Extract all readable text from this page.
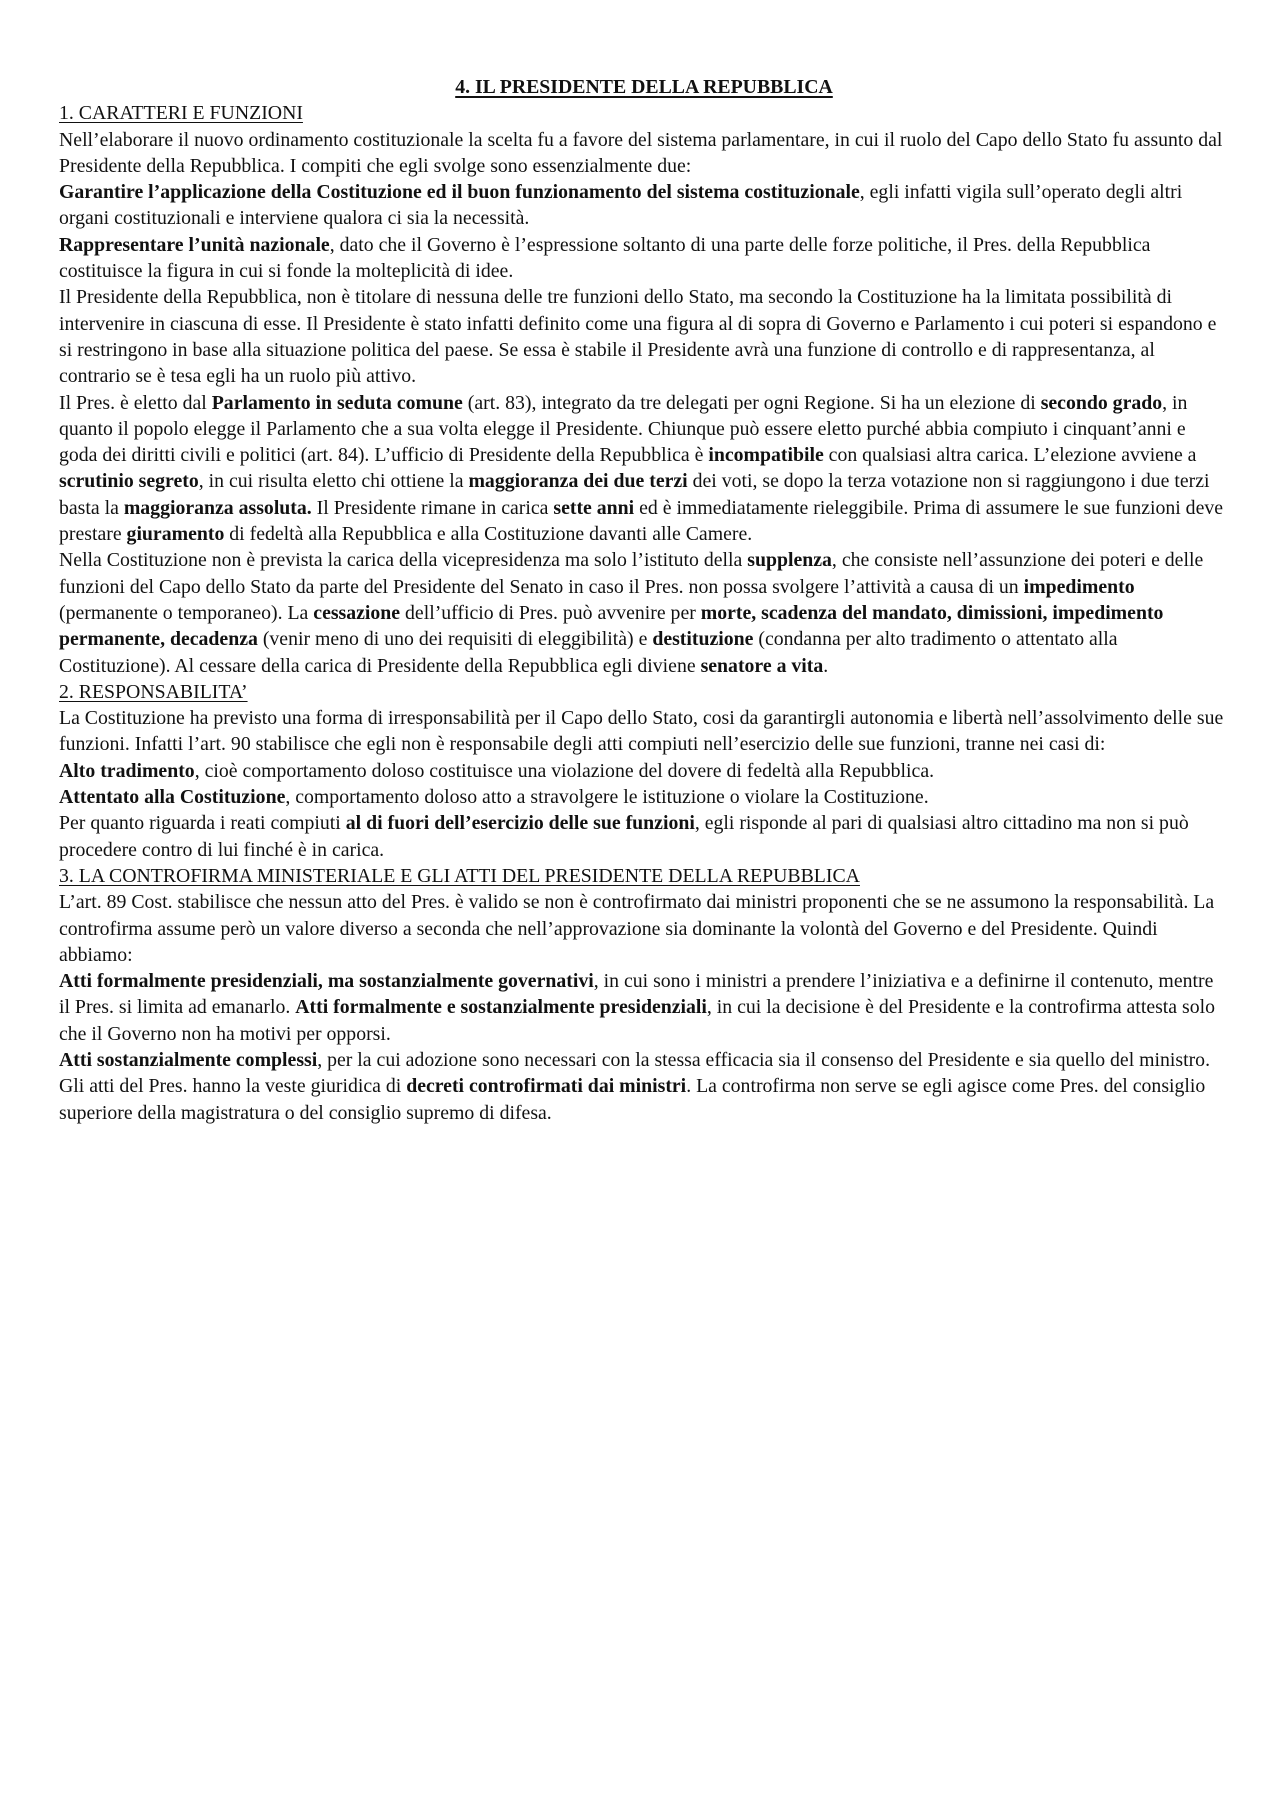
4. IL PRESIDENTE DELLA REPUBBLICA
1. CARATTERI E FUNZIONI

Nell’elaborare il nuovo ordinamento costituzionale la scelta fu a favore del sistema parlamentare, in cui il ruolo del Capo dello Stato fu assunto dal Presidente della Repubblica. I compiti che egli svolge sono essenzialmente due:

Garantire l’applicazione della Costituzione ed il buon funzionamento del sistema costituzionale, egli infatti vigila sull’operato degli altri organi costituzionali e interviene qualora ci sia la necessità.

Rappresentare l’unità nazionale, dato che il Governo è l’espressione soltanto di una parte delle forze politiche, il Pres. della Repubblica costituisce la figura in cui si fonde la molteplicità di idee.

Il Presidente della Repubblica, non è titolare di nessuna delle tre funzioni dello Stato, ma secondo la Costituzione ha la limitata possibilità di intervenire in ciascuna di esse. Il Presidente è stato infatti definito come una figura al di sopra di Governo e Parlamento i cui poteri si espandono e si restringono in base alla situazione politica del paese. Se essa è stabile il Presidente avrà una funzione di controllo e di rappresentanza, al contrario se è tesa egli ha un ruolo più attivo.

Il Pres. è eletto dal Parlamento in seduta comune (art. 83), integrato da tre delegati per ogni Regione. Si ha un elezione di secondo grado, in quanto il popolo elegge il Parlamento che a sua volta elegge il Presidente. Chiunque può essere eletto purché abbia compiuto i cinquant’anni e goda dei diritti civili e politici (art. 84). L’ufficio di Presidente della Repubblica è incompatibile con qualsiasi altra carica. L’elezione avviene a scrutinio segreto, in cui risulta eletto chi ottiene la maggioranza dei due terzi dei voti, se dopo la terza votazione non si raggiungono i due terzi basta la maggioranza assoluta. Il Presidente rimane in carica sette anni ed è immediatamente rieleggibile. Prima di assumere le sue funzioni deve prestare giuramento di fedeltà alla Repubblica e alla Costituzione davanti alle Camere.

Nella Costituzione non è prevista la carica della vicepresidenza ma solo l’istituto della supplenza, che consiste nell’assunzione dei poteri e delle funzioni del Capo dello Stato da parte del Presidente del Senato in caso il Pres. non possa svolgere l’attività a causa di un impedimento (permanente o temporaneo). La cessazione dell’ufficio di Pres. può avvenire per morte, scadenza del mandato, dimissioni, impedimento permanente, decadenza (venir meno di uno dei requisiti di eleggibilità) e destituzione (condanna per alto tradimento o attentato alla Costituzione). Al cessare della carica di Presidente della Repubblica egli diviene senatore a vita.

2. RESPONSABILITA’

La Costituzione ha previsto una forma di irresponsabilità per il Capo dello Stato, cosi da garantirgli autonomia e libertà nell’assolvimento delle sue funzioni. Infatti l’art. 90 stabilisce che egli non è responsabile degli atti compiuti nell’esercizio delle sue funzioni, tranne nei casi di:

Alto tradimento, cioè comportamento doloso costituisce una violazione del dovere di fedeltà alla Repubblica.

Attentato alla Costituzione, comportamento doloso atto a stravolgere le istituzione o violare la Costituzione.

Per quanto riguarda i reati compiuti al di fuori dell’esercizio delle sue funzioni, egli risponde al pari di qualsiasi altro cittadino ma non si può procedere contro di lui finché è in carica.

3. LA CONTROFIRMA MINISTERIALE E GLI ATTI DEL PRESIDENTE DELLA REPUBBLICA

L’art. 89 Cost. stabilisce che nessun atto del Pres. è valido se non è controfirmato dai ministri proponenti che se ne assumono la responsabilità. La controfirma assume però un valore diverso a seconda che nell’approvazione sia dominante la volontà del Governo e del Presidente. Quindi abbiamo:

Atti formalmente presidenziali, ma sostanzialmente governativi, in cui sono i ministri a prendere l’iniziativa e a definirne il contenuto, mentre il Pres. si limita ad emanarlo. Atti formalmente e sostanzialmente presidenziali, in cui la decisione è del Presidente e la controfirma attesta solo che il Governo non ha motivi per opporsi.

Atti sostanzialmente complessi, per la cui adozione sono necessari con la stessa efficacia sia il consenso del Presidente e sia quello del ministro. Gli atti del Pres. hanno la veste giuridica di decreti controfirmati dai ministri. La controfirma non serve se egli agisce come Pres. del consiglio superiore della magistratura o del consiglio supremo di difesa.
